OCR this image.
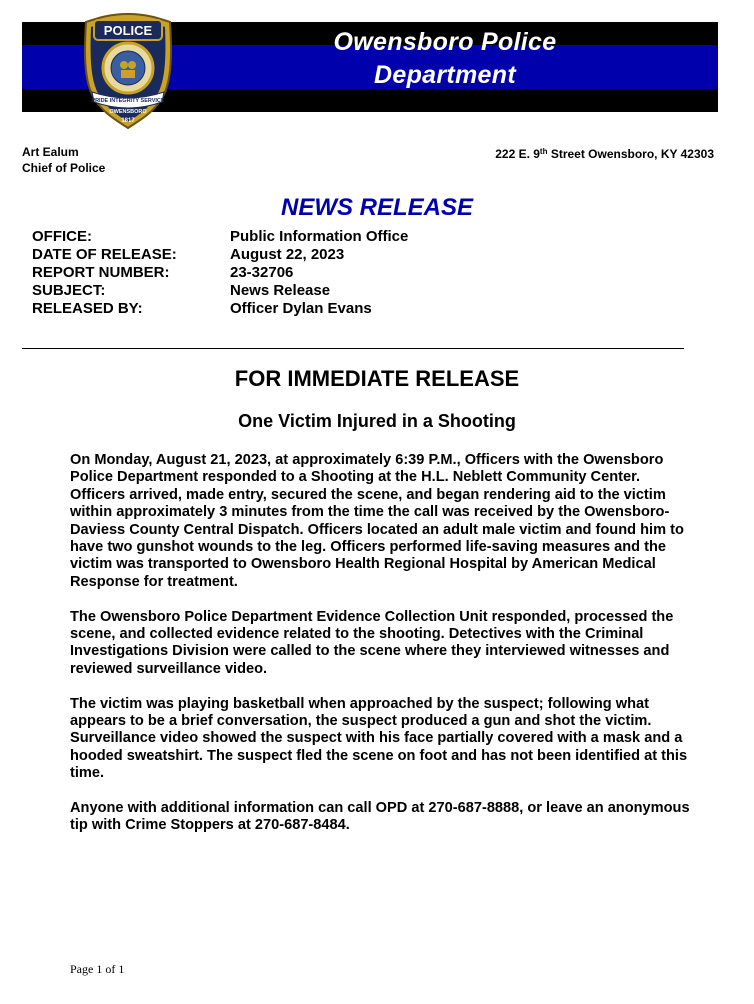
Owensboro Police
Department
POLICE
PRIDE INTEGRITY SERVICE
OWENSBORO
1817
Art Ealum
Chief of Police
222 E. 9th Street Owensboro, KY 42303
NEWS RELEASE
OFFICE:	Public Information Office
DATE OF RELEASE:	August 22, 2023
REPORT NUMBER:	23-32706
SUBJECT:	News Release
RELEASED BY:	Officer Dylan Evans
FOR IMMEDIATE RELEASE
One Victim Injured in a Shooting

On Monday, August 21, 2023, at approximately 6:39 P.M., Officers with the Owensboro Police Department responded to a Shooting at the H.L. Neblett Community Center. Officers arrived, made entry, secured the scene, and began rendering aid to the victim within approximately 3 minutes from the time the call was received by the Owensboro-Daviess County Central Dispatch. Officers located an adult male victim and found him to have two gunshot wounds to the leg. Officers performed life-saving measures and the victim was transported to Owensboro Health Regional Hospital by American Medical Response for treatment.

The Owensboro Police Department Evidence Collection Unit responded, processed the scene, and collected evidence related to the shooting. Detectives with the Criminal Investigations Division were called to the scene where they interviewed witnesses and reviewed surveillance video.

The victim was playing basketball when approached by the suspect; following what appears to be a brief conversation, the suspect produced a gun and shot the victim. Surveillance video showed the suspect with his face partially covered with a mask and a hooded sweatshirt. The suspect fled the scene on foot and has not been identified at this time.

Anyone with additional information can call OPD at 270-687-8888, or leave an anonymous tip with Crime Stoppers at 270-687-8484.

Page 1 of 1
